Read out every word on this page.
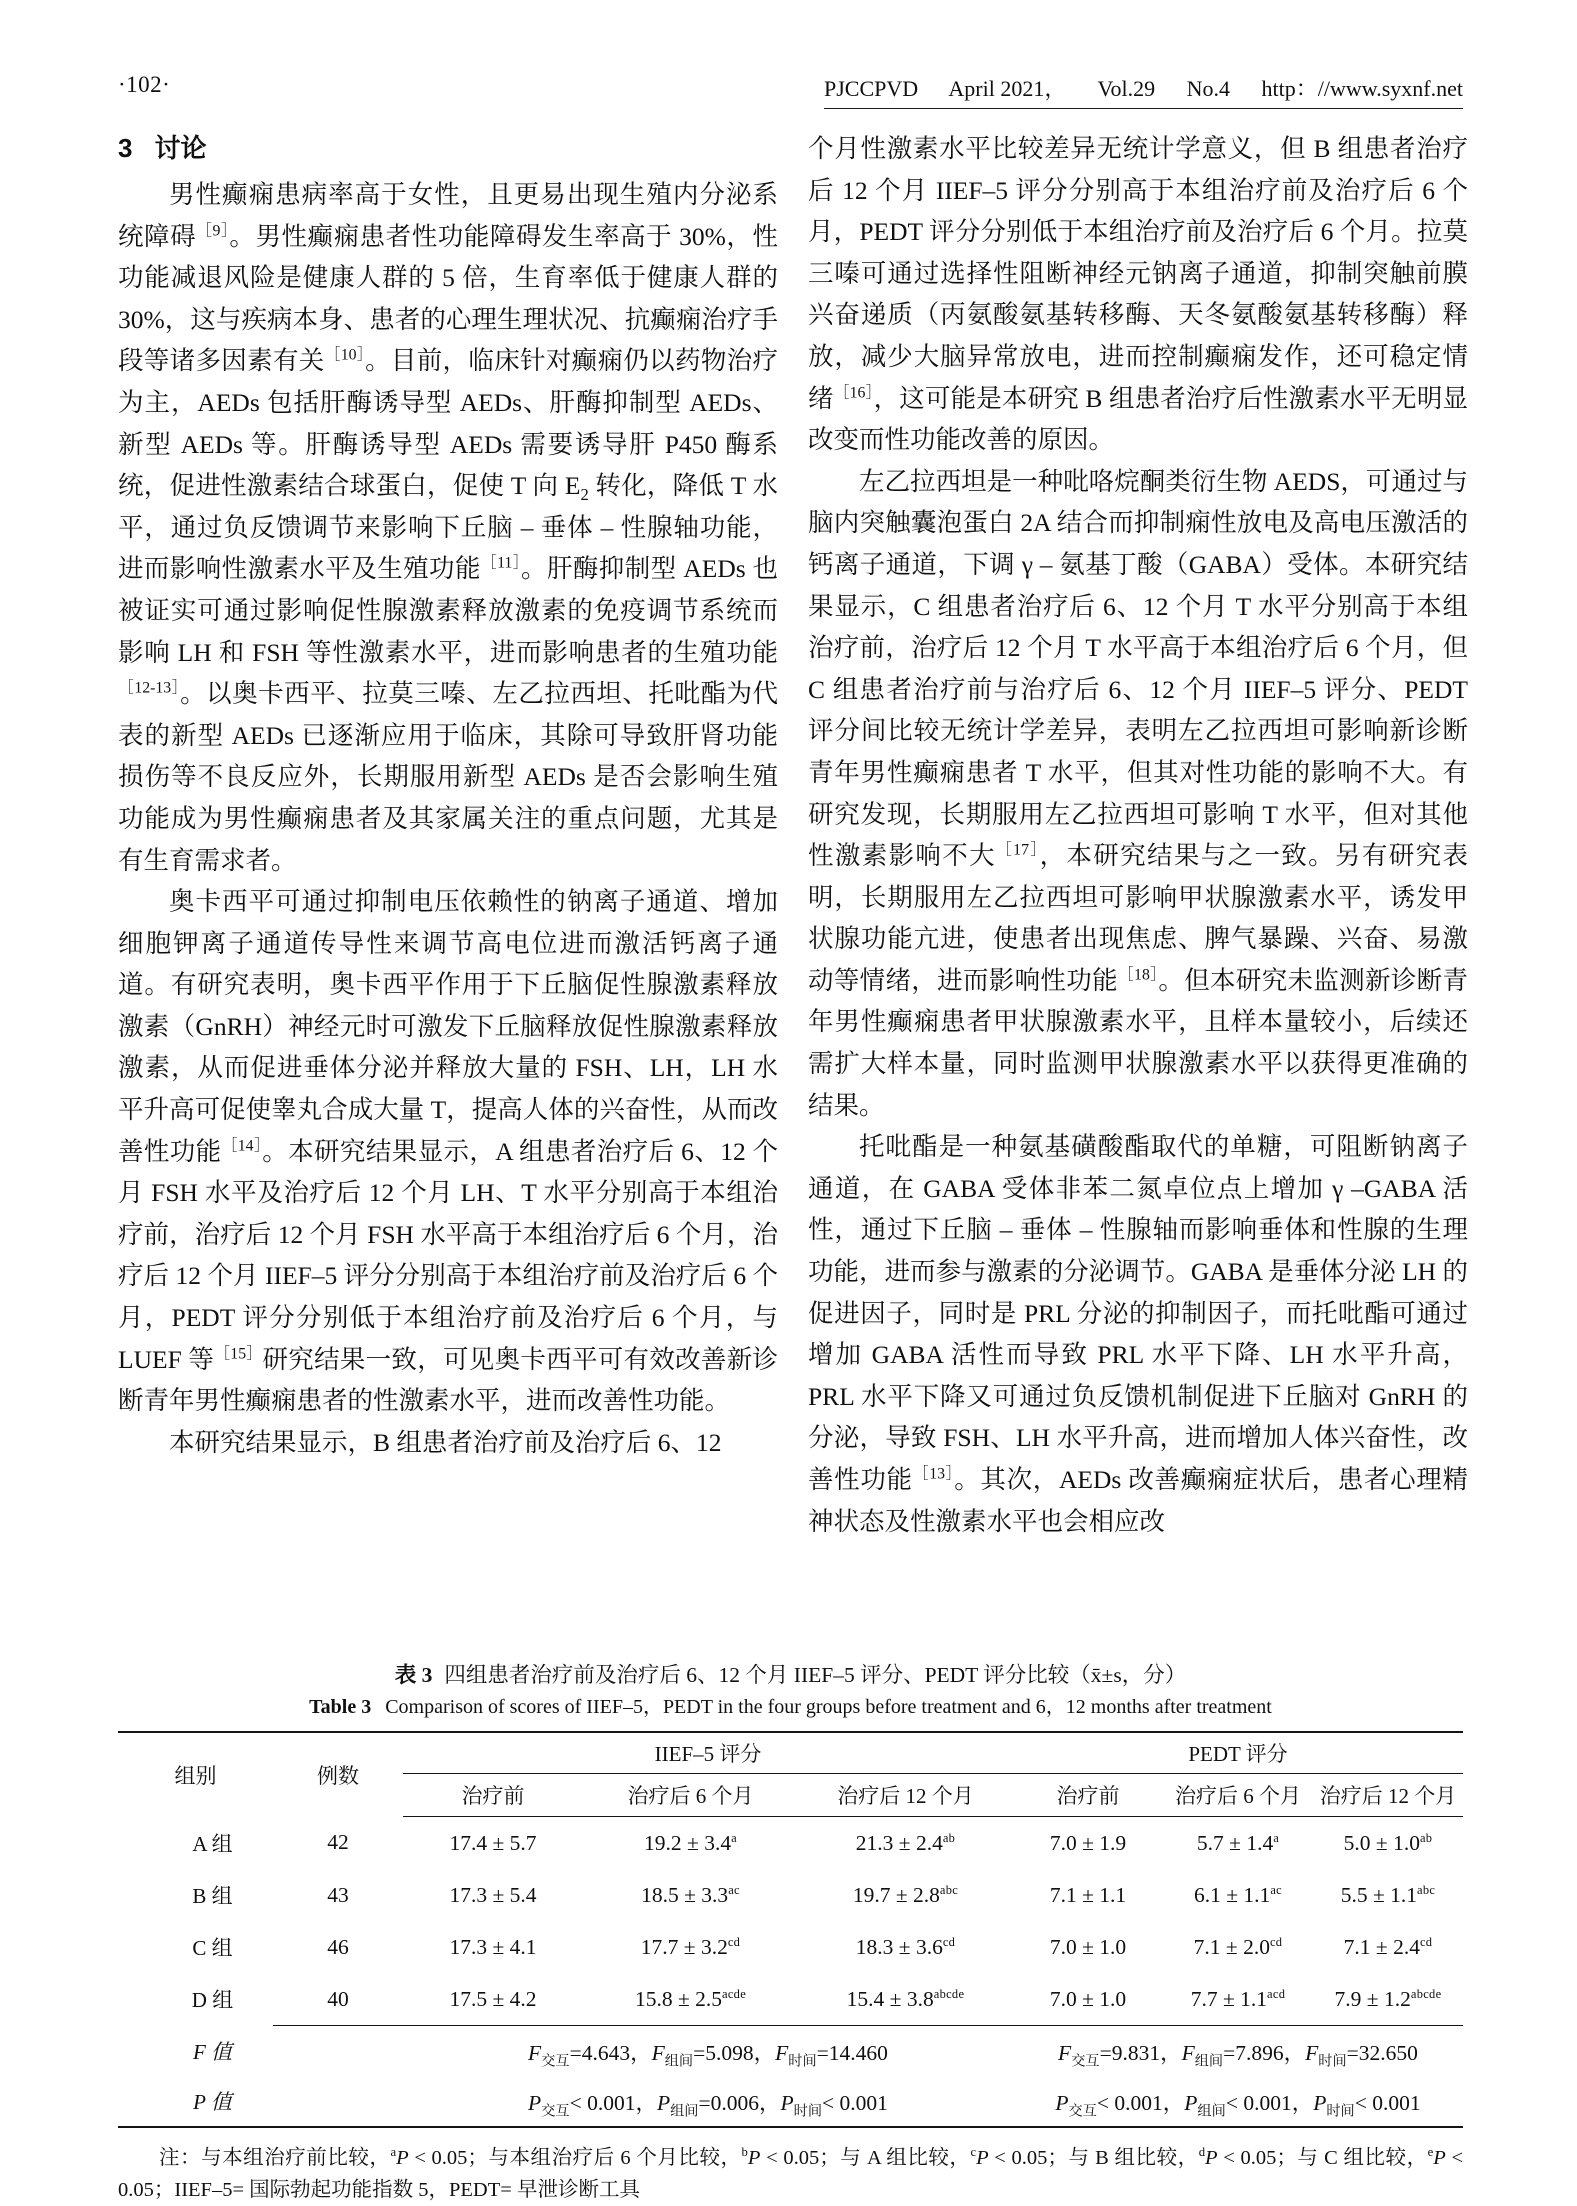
·102·	PJCCPVD April 2021， Vol.29 No.4 http：//www.syxnf.net
3 讨论

男性癫痫患病率高于女性，且更易出现生殖内分泌系统障碍$^{[9]}$。男性癫痫患者性功能障碍发生率高于 30%，性功能减退风险是健康人群的 5 倍，生育率低于健康人群的 30%，这与疾病本身、患者的心理生理状况、抗癫痫治疗手段等诸多因素有关$^{[10]}$。目前，临床针对癫痫仍以药物治疗为主，AEDs 包括肝酶诱导型 AEDs、肝酶抑制型 AEDs、新型 AEDs 等。肝酶诱导型 AEDs 需要诱导肝 P450 酶系统，促进性激素结合球蛋白，促使 T 向 $E_2$ 转化，降低 T 水平，通过负反馈调节来影响下丘脑 – 垂体 – 性腺轴功能，进而影响性激素水平及生殖功能$^{[11]}$。肝酶抑制型 AEDs 也被证实可通过影响促性腺激素释放激素的免疫调节系统而影响 LH 和 FSH 等性激素水平，进而影响患者的生殖功能$^{[12-13]}$。以奥卡西平、拉莫三嗪、左乙拉西坦、托吡酯为代表的新型 AEDs 已逐渐应用于临床，其除可导致肝肾功能损伤等不良反应外，长期服用新型 AEDs 是否会影响生殖功能成为男性癫痫患者及其家属关注的重点问题，尤其是有生育需求者。

奥卡西平可通过抑制电压依赖性的钠离子通道、增加细胞钾离子通道传导性来调节高电位进而激活钙离子通道。有研究表明，奥卡西平作用于下丘脑促性腺激素释放激素（GnRH）神经元时可激发下丘脑释放促性腺激素释放激素，从而促进垂体分泌并释放大量的 FSH、LH，LH 水平升高可促使睾丸合成大量 T，提高人体的兴奋性，从而改善性功能$^{[14]}$。本研究结果显示，A 组患者治疗后 6、12 个月 FSH 水平及治疗后 12 个月 LH、T 水平分别高于本组治疗前，治疗后 12 个月 FSH 水平高于本组治疗后 6 个月，治疗后 12 个月 IIEF–5 评分分别高于本组治疗前及治疗后 6 个月，PEDT 评分分别低于本组治疗前及治疗后 6 个月，与 LUEF 等$^{[15]}$研究结果一致，可见奥卡西平可有效改善新诊断青年男性癫痫患者的性激素水平，进而改善性功能。

本研究结果显示，B 组患者治疗前及治疗后 6、12

个月性激素水平比较差异无统计学意义，但 B 组患者治疗后 12 个月 IIEF–5 评分分别高于本组治疗前及治疗后 6 个月，PEDT 评分分别低于本组治疗前及治疗后 6 个月。拉莫三嗪可通过选择性阻断神经元钠离子通道，抑制突触前膜兴奋递质（丙氨酸氨基转移酶、天冬氨酸氨基转移酶）释放，减少大脑异常放电，进而控制癫痫发作，还可稳定情绪$^{[16]}$，这可能是本研究 B 组患者治疗后性激素水平无明显改变而性功能改善的原因。

左乙拉西坦是一种吡咯烷酮类衍生物 AEDS，可通过与脑内突触囊泡蛋白 2A 结合而抑制痫性放电及高电压激活的钙离子通道，下调 γ – 氨基丁酸（GABA）受体。本研究结果显示，C 组患者治疗后 6、12 个月 T 水平分别高于本组治疗前，治疗后 12 个月 T 水平高于本组治疗后 6 个月，但 C 组患者治疗前与治疗后 6、12 个月 IIEF–5 评分、PEDT 评分间比较无统计学差异，表明左乙拉西坦可影响新诊断青年男性癫痫患者 T 水平，但其对性功能的影响不大。有研究发现，长期服用左乙拉西坦可影响 T 水平，但对其他性激素影响不大$^{[17]}$，本研究结果与之一致。另有研究表明，长期服用左乙拉西坦可影响甲状腺激素水平，诱发甲状腺功能亢进，使患者出现焦虑、脾气暴躁、兴奋、易激动等情绪，进而影响性功能$^{[18]}$。但本研究未监测新诊断青年男性癫痫患者甲状腺激素水平，且样本量较小，后续还需扩大样本量，同时监测甲状腺激素水平以获得更准确的结果。

托吡酯是一种氨基磺酸酯取代的单糖，可阻断钠离子通道，在 GABA 受体非苯二氮卓位点上增加 γ –GABA 活性，通过下丘脑 – 垂体 – 性腺轴而影响垂体和性腺的生理功能，进而参与激素的分泌调节。GABA 是垂体分泌 LH 的促进因子，同时是 PRL 分泌的抑制因子，而托吡酯可通过增加 GABA 活性而导致 PRL 水平下降、LH 水平升高，PRL 水平下降又可通过负反馈机制促进下丘脑对 GnRH 的分泌，导致 FSH、LH 水平升高，进而增加人体兴奋性，改善性功能$^{[13]}$。其次，AEDs 改善癫痫症状后，患者心理精神状态及性激素水平也会相应改

表 3 四组患者治疗前及治疗后 6、12 个月 IIEF–5 评分、PEDT 评分比较（x̄±s，分）
Table 3 Comparison of scores of IIEF–5，PEDT in the four groups before treatment and 6，12 months after treatment
组别	例数	IIEF–5 评分			PEDT 评分		
		治疗前	治疗后 6 个月	治疗后 12 个月	治疗前	治疗后 6 个月	治疗后 12 个月
A 组	42	17.4 ± 5.7	19.2 ± 3.4$^a$	21.3 ± 2.4$^{ab}$	7.0 ± 1.9	5.7 ± 1.4$^a$	5.0 ± 1.0$^{ab}$
B 组	43	17.3 ± 5.4	18.5 ± 3.3$^{ac}$	19.7 ± 2.8$^{abc}$	7.1 ± 1.1	6.1 ± 1.1$^{ac}$	5.5 ± 1.1$^{abc}$
C 组	46	17.3 ± 4.1	17.7 ± 3.2$^{cd}$	18.3 ± 3.6$^{cd}$	7.0 ± 1.0	7.1 ± 2.0$^{cd}$	7.1 ± 2.4$^{cd}$
D 组	40	17.5 ± 4.2	$15.8 \pm 2.5^{acde}$	$15.4 \pm 3.8^{abcde}$	7.0 ± 1.0	7.7 ± 1.1$^{acd}$	$7.9 \pm 1.2^{abcde}$
F 值		$F_{交互}=4.643$，$F_{组间}=5.098$，$F_{时间}=14.460$			$F_{交互}=9.831$，$F_{组间}=7.896$，$F_{时间}=32.650$		
P 值		$P_{交互}< 0.001$，$P_{组间}=0.006$，$P_{时间}< 0.001$			$P_{交互}< 0.001$，$P_{组间}< 0.001$，$P_{时间}< 0.001$		
注：与本组治疗前比较，$^a$P < 0.05；与本组治疗后 6 个月比较，$^b$P < 0.05；与 A 组比较，$^c$P < 0.05；与 B 组比较，$^d$P < 0.05；与 C 组比较，$^e$P < 0.05；IIEF–5= 国际勃起功能指数 5，PEDT= 早泄诊断工具
